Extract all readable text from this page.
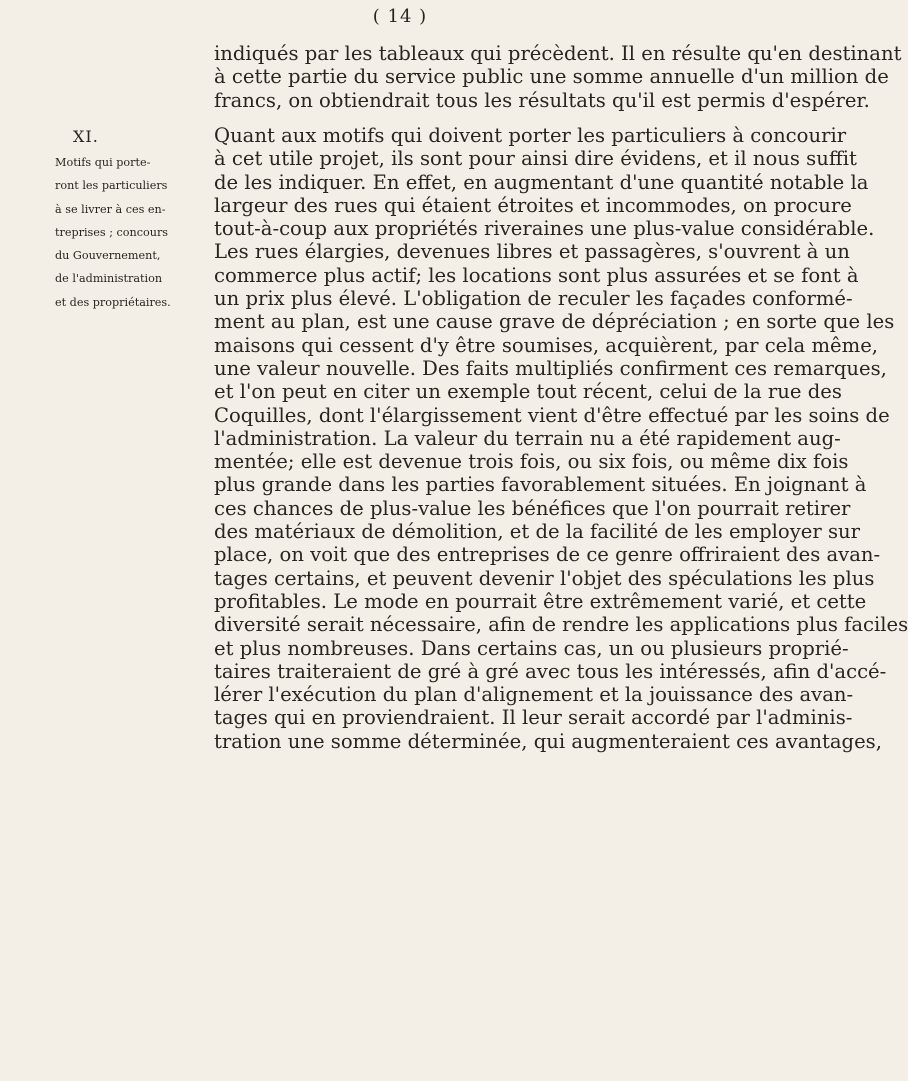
( 14 )

indiqués par les tableaux qui précèdent. Il en résulte qu'en destinant
à cette partie du service public une somme annuelle d'un million de
francs, on obtiendrait tous les résultats qu'il est permis d'espérer.

XI.
Motifs qui porte-
ront les particuliers
à se livrer à ces en-
treprises ; concours
du Gouvernement,
de l'administration
et des propriétaires.

Quant aux motifs qui doivent porter les particuliers à concourir
à cet utile projet, ils sont pour ainsi dire évidens, et il nous suffit
de les indiquer. En effet, en augmentant d'une quantité notable la
largeur des rues qui étaient étroites et incommodes, on procure
tout-à-coup aux propriétés riveraines une plus-value considérable.
Les rues élargies, devenues libres et passagères, s'ouvrent à un
commerce plus actif; les locations sont plus assurées et se font à
un prix plus élevé. L'obligation de reculer les façades conformé-
ment au plan, est une cause grave de dépréciation ; en sorte que les
maisons qui cessent d'y être soumises, acquièrent, par cela même,
une valeur nouvelle. Des faits multipliés confirment ces remarques,
et l'on peut en citer un exemple tout récent, celui de la rue des
Coquilles, dont l'élargissement vient d'être effectué par les soins de
l'administration. La valeur du terrain nu a été rapidement aug-
mentée; elle est devenue trois fois, ou six fois, ou même dix fois
plus grande dans les parties favorablement situées. En joignant à
ces chances de plus-value les bénéfices que l'on pourrait retirer
des matériaux de démolition, et de la facilité de les employer sur
place, on voit que des entreprises de ce genre offriraient des avan-
tages certains, et peuvent devenir l'objet des spéculations les plus
profitables. Le mode en pourrait être extrêmement varié, et cette
diversité serait nécessaire, afin de rendre les applications plus faciles
et plus nombreuses. Dans certains cas, un ou plusieurs proprié-
taires traiteraient de gré à gré avec tous les intéressés, afin d'accé-
lérer l'exécution du plan d'alignement et la jouissance des avan-
tages qui en proviendraient. Il leur serait accordé par l'adminis-
tration une somme déterminée, qui augmenteraient ces avantages,
